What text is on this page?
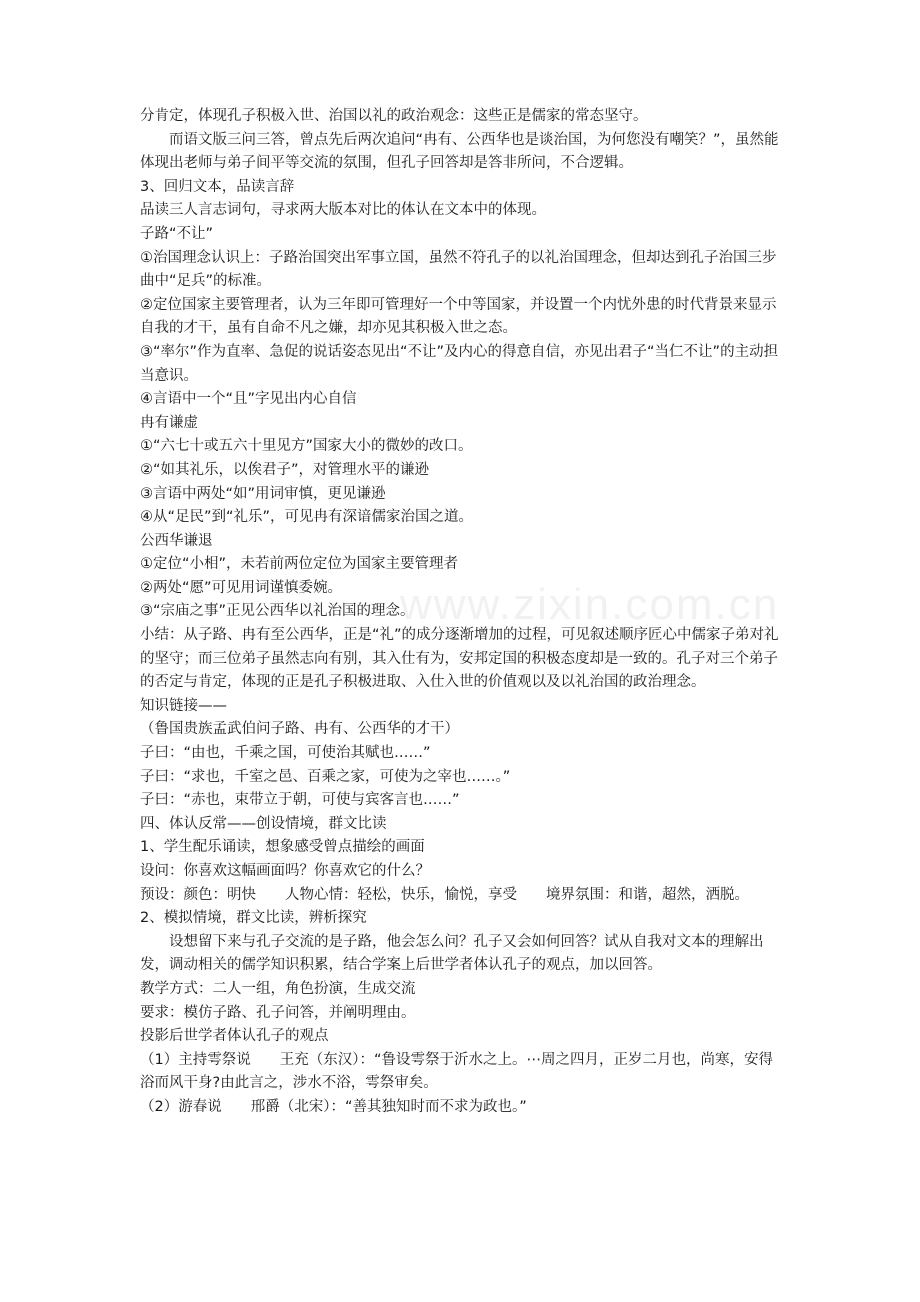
www.zixin.com.cn

分肯定，体现孔子积极入世、治国以礼的政治观念：这些正是儒家的常态坚守。

而语文版三问三答，曾点先后两次追问“冉有、公西华也是谈治国，为何您没有嘲笑？”，虽然能体现出老师与弟子间平等交流的氛围，但孔子回答却是答非所问，不合逻辑。

3、回归文本，品读言辞

品读三人言志词句，寻求两大版本对比的体认在文本中的体现。

子路“不让”

①治国理念认识上：子路治国突出军事立国，虽然不符孔子的以礼治国理念，但却达到孔子治国三步曲中“足兵”的标准。

②定位国家主要管理者，认为三年即可管理好一个中等国家，并设置一个内忧外患的时代背景来显示自我的才干，虽有自命不凡之嫌，却亦见其积极入世之态。

③“率尔”作为直率、急促的说话姿态见出“不让”及内心的得意自信，亦见出君子“当仁不让”的主动担当意识。

④言语中一个“且”字见出内心自信

冉有谦虚

①“六七十或五六十里见方”国家大小的微妙的改口。

②“如其礼乐，以俟君子”，对管理水平的谦逊

③言语中两处“如”用词审慎，更见谦逊

④从“足民”到“礼乐”，可见冉有深谙儒家治国之道。

公西华谦退

①定位“小相”，未若前两位定位为国家主要管理者

②两处“愿”可见用词谨慎委婉。

③“宗庙之事”正见公西华以礼治国的理念。

小结：从子路、冉有至公西华，正是“礼”的成分逐渐增加的过程，可见叙述顺序匠心中儒家子弟对礼的坚守；而三位弟子虽然志向有别，其入仕有为，安邦定国的积极态度却是一致的。孔子对三个弟子的否定与肯定，体现的正是孔子积极进取、入仕入世的价值观以及以礼治国的政治理念。

知识链接——

（鲁国贵族孟武伯问子路、冉有、公西华的才干）

子曰：“由也，千乘之国，可使治其赋也……”

子曰：“求也，千室之邑、百乘之家，可使为之宰也……。”

子曰：“赤也，束带立于朝，可使与宾客言也……”

四、体认反常——创设情境，群文比读

1、学生配乐诵读，想象感受曾点描绘的画面

设问：你喜欢这幅画面吗？你喜欢它的什么？

预设：颜色：明快　　人物心情：轻松，快乐，愉悦，享受　　境界氛围：和谐，超然，洒脱。

2、模拟情境，群文比读，辨析探究

设想留下来与孔子交流的是子路，他会怎么问？孔子又会如何回答？试从自我对文本的理解出发，调动相关的儒学知识积累，结合学案上后世学者体认孔子的观点，加以回答。

教学方式：二人一组，角色扮演，生成交流

要求：模仿子路、孔子问答，并阐明理由。

投影后世学者体认孔子的观点

（1）主持雩祭说　　王充（东汉）：“鲁设雩祭于沂水之上。⋯周之四月，正岁二月也，尚寒，安得浴而风干身?由此言之，涉水不浴，雩祭审矣。

（2）游春说　　邢爵（北宋）：“善其独知时而不求为政也。”
